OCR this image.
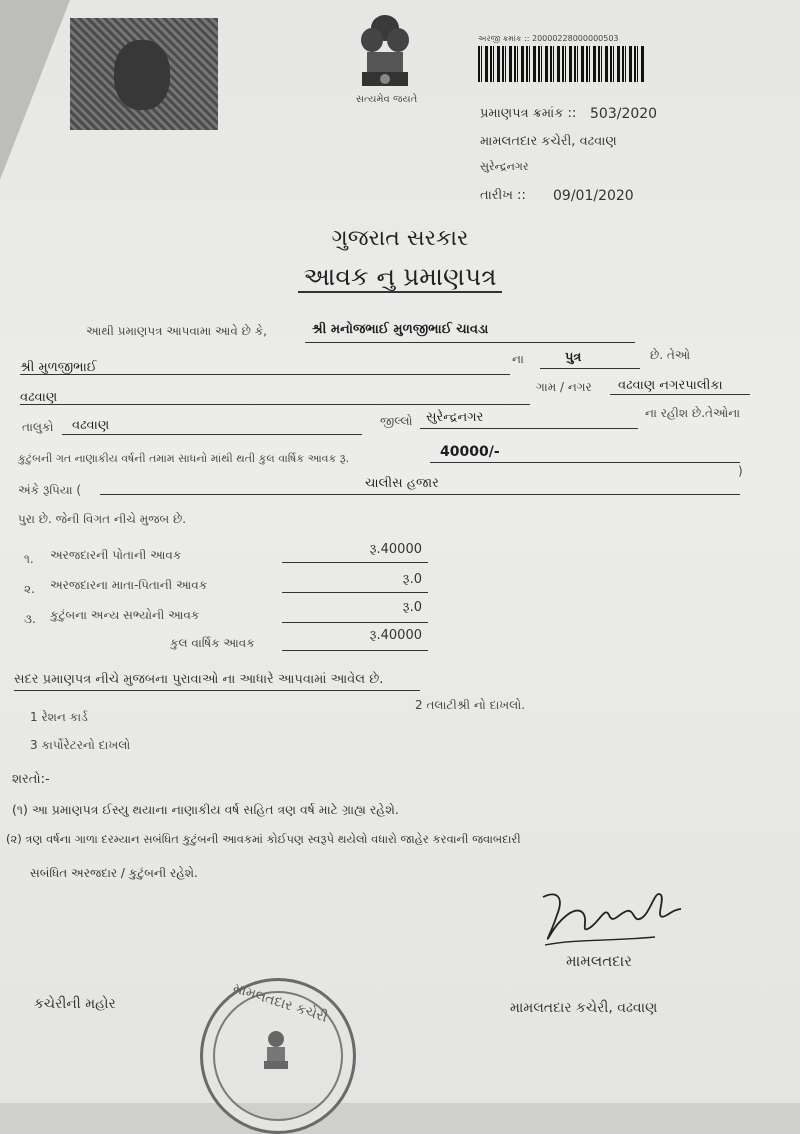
સત્યમેવ જયતે
અરજી ક્રમાંક :: 20000228000000503
પ્રમાણપત્ર ક્રમાંક :: 503/2020
મામલતદાર કચેરી, વઢવાણ
સુરેન્દ્રનગર
તારીખ :: 09/01/2020
ગુજરાત સરકાર
આવક નુ પ્રમાણપત્ર
આથી પ્રમાણપત્ર આપવામા આવે છે કે,	શ્રી મનોજભાઈ મુળજીભાઈ ચાવડા
શ્રી મુળજીભાઈ
ના	પુત્ર	છે. તેઓ
વઢવાણ
ગામ / નગર વઢવાણ નગરપાલીકા
તાલુકો વઢવાણ	જીલ્લો સુરેન્દ્રનગર	ના રહીશ છે.તેઓના
કુટુંબની ગત નાણાકીય વર્ષની તમામ સાધનો માંથી થતી કુલ વાર્ષિક આવક રૂ.	40000/-
અંકે રૂપિયા (	ચાલીસ હજાર
)
પુરા છે. જેની વિગત નીચે મુજબ છે.
૧. અરજદારની પોતાની આવક	રૂ.40000
૨. અરજદારના માતા-પિતાની આવક	રૂ.0
૩. કુટુંબના અન્ય સભ્યોની આવક	રૂ.0
કુલ વાર્ષિક આવક	રૂ.40000
સદર પ્રમાણપત્ર નીચે મુજબના પુરાવાઓ ના આધારે આપવામાં આવેલ છે.
1 રેશન કાર્ડ
2 તલાટીશ્રી નો દાખલો.
3 કાર્પોરેટરનો દાખલો
શરતો:-
(૧) આ પ્રમાણપત્ર ઈસ્યુ થયાના નાણાકીય વર્ષ સહિત ત્રણ વર્ષ માટે ગ્રાહ્ય રહેશે.
(૨) ત્રણ વર્ષના ગાળા દરમ્યાન સબંધિત કુટુંબની આવકમાં કોઈપણ સ્વરૂપે થયેલો વધારો જાહેર કરવાની જવાબદારી
સબંધિત અરજદાર / કુટુંબની રહેશે.
મામલતદાર
કચેરીની મહોર	મામલતદાર કચેરી, વઢવાણ
મામલતદાર કચેરી
